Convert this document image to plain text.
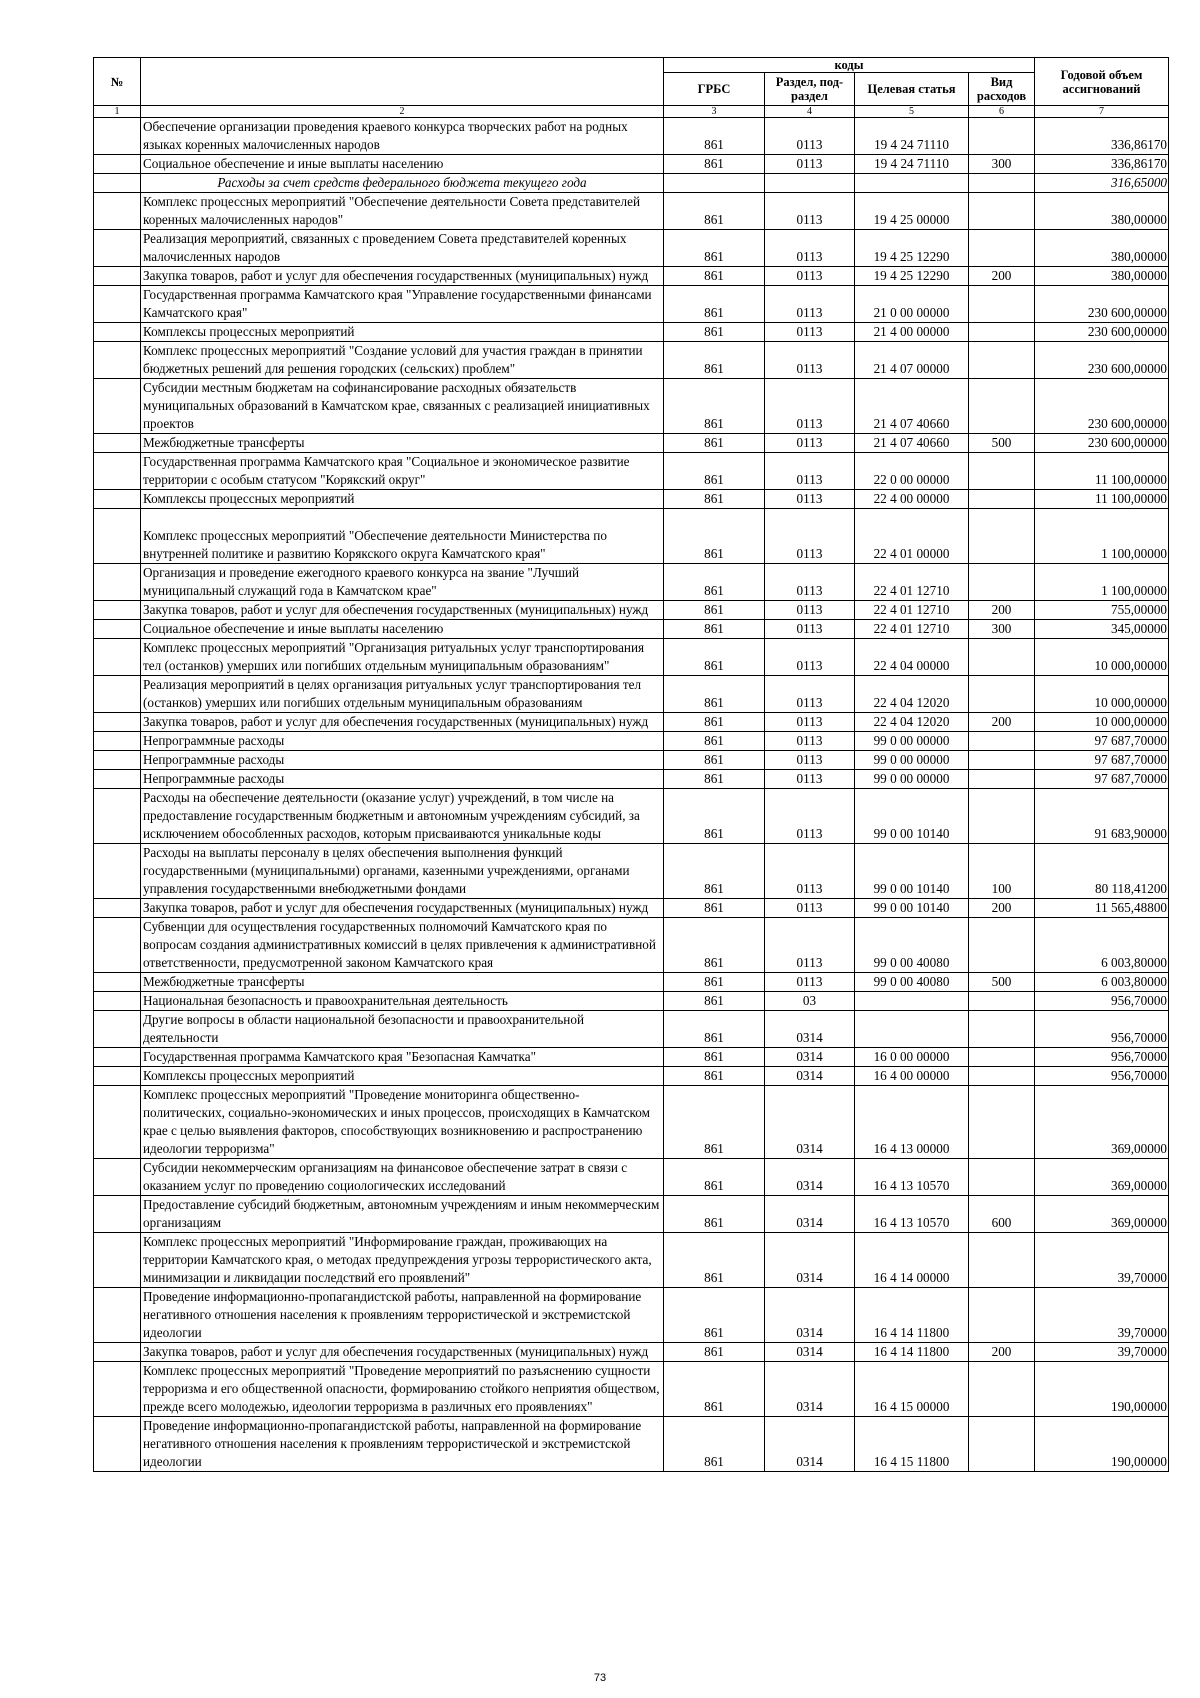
№		коды				Годовой объем ассигнований
		ГРБС	Раздел, под-раздел	Целевая статья	Вид расходов	
1	2	3	4	5	6	7
	Обеспечение организации проведения краевого конкурса творческих работ на родных языках коренных малочисленных народов	861	0113	19 4 24 71110		336,86170
	Социальное обеспечение и иные выплаты населению	861	0113	19 4 24 71110	300	336,86170
	Расходы за счет средств федерального бюджета текущего года					316,65000
	Комплекс процессных мероприятий "Обеспечение деятельности Совета представителей коренных малочисленных народов"	861	0113	19 4 25 00000		380,00000
	Реализация мероприятий, связанных с проведением Совета представителей коренных малочисленных народов	861	0113	19 4 25 12290		380,00000
	Закупка товаров, работ и услуг для обеспечения государственных (муниципальных) нужд	861	0113	19 4 25 12290	200	380,00000
	Государственная программа Камчатского края "Управление государственными финансами Камчатского края"	861	0113	21 0 00 00000		230 600,00000
	Комплексы процессных мероприятий	861	0113	21 4 00 00000		230 600,00000
	Комплекс процессных мероприятий "Создание условий для участия граждан в принятии бюджетных решений для решения городских (сельских) проблем"	861	0113	21 4 07 00000		230 600,00000
	Субсидии местным бюджетам на софинансирование расходных обязательств муниципальных образований в Камчатском крае, связанных с реализацией инициативных проектов	861	0113	21 4 07 40660		230 600,00000
	Межбюджетные трансферты	861	0113	21 4 07 40660	500	230 600,00000
	Государственная программа Камчатского края "Социальное и экономическое развитие территории с особым статусом "Корякский округ"	861	0113	22 0 00 00000		11 100,00000
	Комплексы процессных мероприятий	861	0113	22 4 00 00000		11 100,00000
	Комплекс процессных мероприятий "Обеспечение деятельности Министерства по внутренней политике и развитию Корякского округа Камчатского края"	861	0113	22 4 01 00000		1 100,00000
	Организация и проведение ежегодного краевого конкурса на звание "Лучший муниципальный служащий года в Камчатском крае"	861	0113	22 4 01 12710		1 100,00000
	Закупка товаров, работ и услуг для обеспечения государственных (муниципальных) нужд	861	0113	22 4 01 12710	200	755,00000
	Социальное обеспечение и иные выплаты населению	861	0113	22 4 01 12710	300	345,00000
	Комплекс процессных мероприятий "Организация ритуальных услуг транспортирования тел (останков) умерших или погибших отдельным муниципальным образованиям"	861	0113	22 4 04 00000		10 000,00000
	Реализация мероприятий в целях организация ритуальных услуг транспортирования тел (останков) умерших или погибших отдельным муниципальным образованиям	861	0113	22 4 04 12020		10 000,00000
	Закупка товаров, работ и услуг для обеспечения государственных (муниципальных) нужд	861	0113	22 4 04 12020	200	10 000,00000
	Непрограммные расходы	861	0113	99 0 00 00000		97 687,70000
	Непрограммные расходы	861	0113	99 0 00 00000		97 687,70000
	Непрограммные расходы	861	0113	99 0 00 00000		97 687,70000
	Расходы на обеспечение деятельности (оказание услуг) учреждений, в том числе на предоставление государственным бюджетным и автономным учреждениям субсидий, за исключением обособленных расходов, которым присваиваются уникальные коды	861	0113	99 0 00 10140		91 683,90000
	Расходы на выплаты персоналу в целях обеспечения выполнения функций государственными (муниципальными) органами, казенными учреждениями, органами управления государственными внебюджетными фондами	861	0113	99 0 00 10140	100	80 118,41200
	Закупка товаров, работ и услуг для обеспечения государственных (муниципальных) нужд	861	0113	99 0 00 10140	200	11 565,48800
	Субвенции для осуществления государственных полномочий Камчатского края по вопросам создания административных комиссий в целях привлечения к административной ответственности, предусмотренной законом Камчатского края	861	0113	99 0 00 40080		6 003,80000
	Межбюджетные трансферты	861	0113	99 0 00 40080	500	6 003,80000
	Национальная безопасность и правоохранительная деятельность	861	03			956,70000
	Другие вопросы в области национальной безопасности и правоохранительной деятельности	861	0314			956,70000
	Государственная программа Камчатского края "Безопасная Камчатка"	861	0314	16 0 00 00000		956,70000
	Комплексы процессных мероприятий	861	0314	16 4 00 00000		956,70000
	Комплекс процессных мероприятий "Проведение мониторинга общественно-политических, социально-экономических и иных процессов, происходящих в Камчатском крае с целью выявления факторов, способствующих возникновению и распространению идеологии терроризма"	861	0314	16 4 13 00000		369,00000
	Субсидии некоммерческим организациям на финансовое обеспечение затрат в связи с оказанием услуг по проведению социологических исследований	861	0314	16 4 13 10570		369,00000
	Предоставление субсидий бюджетным, автономным учреждениям и иным некоммерческим организациям	861	0314	16 4 13 10570	600	369,00000
	Комплекс процессных мероприятий "Информирование граждан, проживающих на территории Камчатского края, о методах предупреждения угрозы террористического акта, минимизации и ликвидации последствий его проявлений"	861	0314	16 4 14 00000		39,70000
	Проведение информационно-пропагандистской работы, направленной на формирование негативного отношения населения к проявлениям террористической и экстремистской идеологии	861	0314	16 4 14 11800		39,70000
	Закупка товаров, работ и услуг для обеспечения государственных (муниципальных) нужд	861	0314	16 4 14 11800	200	39,70000
	Комплекс процессных мероприятий "Проведение мероприятий по разъяснению сущности терроризма и его общественной опасности, формированию стойкого неприятия обществом, прежде всего молодежью, идеологии терроризма в различных его проявлениях"	861	0314	16 4 15 00000		190,00000
	Проведение информационно-пропагандистской работы, направленной на формирование негативного отношения населения к проявлениям террористической и экстремистской идеологии	861	0314	16 4 15 11800		190,00000
73
